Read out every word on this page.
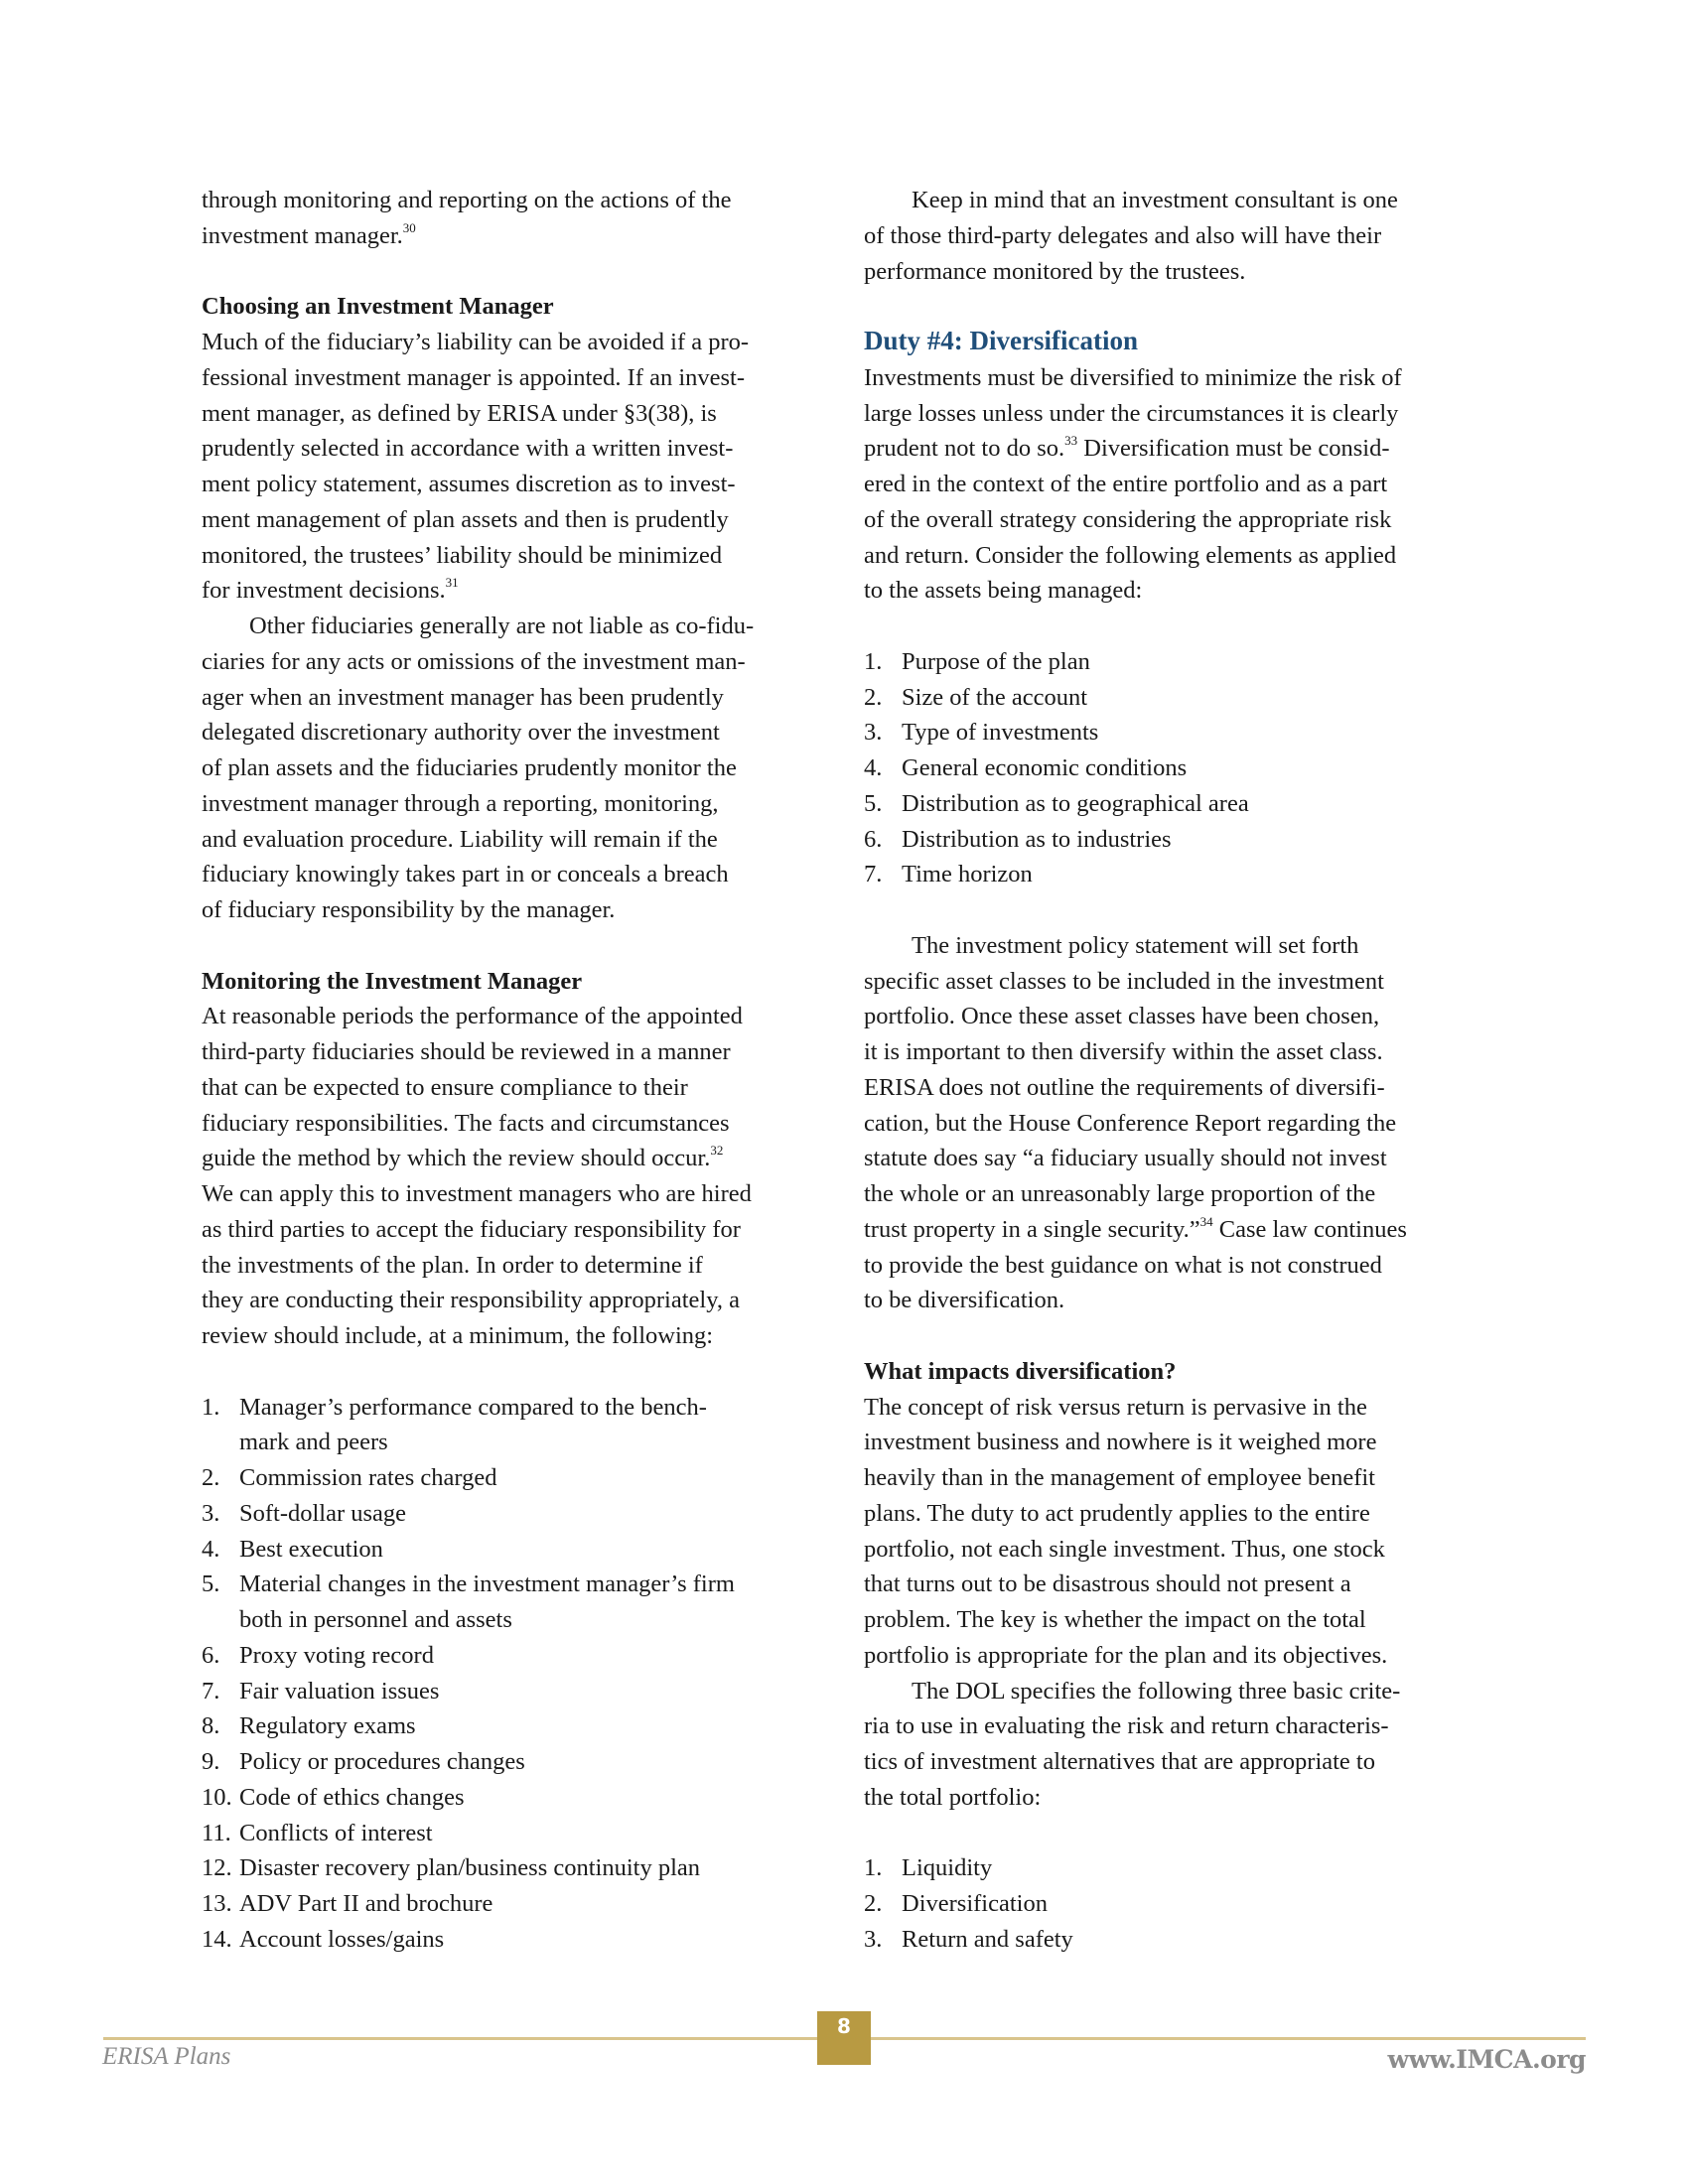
through monitoring and reporting on the actions of the
investment manager.$^{30}$
Choosing an Investment Manager
Much of the fiduciary’s liability can be avoided if a pro-
fessional investment manager is appointed. If an invest-
ment manager, as defined by ERISA under §3(38), is
prudently selected in accordance with a written invest-
ment policy statement, assumes discretion as to invest-
ment management of plan assets and then is prudently
monitored, the trustees’ liability should be minimized
for investment decisions.$^{31}$
Other fiduciaries generally are not liable as co-fidu-
ciaries for any acts or omissions of the investment man-
ager when an investment manager has been prudently
delegated discretionary authority over the investment
of plan assets and the fiduciaries prudently monitor the
investment manager through a reporting, monitoring,
and evaluation procedure. Liability will remain if the
fiduciary knowingly takes part in or conceals a breach
of fiduciary responsibility by the manager.
Monitoring the Investment Manager
At reasonable periods the performance of the appointed
third-party fiduciaries should be reviewed in a manner
that can be expected to ensure compliance to their
fiduciary responsibilities. The facts and circumstances
guide the method by which the review should occur.$^{32}$
We can apply this to investment managers who are hired
as third parties to accept the fiduciary responsibility for
the investments of the plan. In order to determine if
they are conducting their responsibility appropriately, a
review should include, at a minimum, the following:
1. Manager’s performance compared to the bench-
mark and peers
2. Commission rates charged
3. Soft-dollar usage
4. Best execution
5. Material changes in the investment manager’s firm
both in personnel and assets
6. Proxy voting record
7. Fair valuation issues
8. Regulatory exams
9. Policy or procedures changes
10. Code of ethics changes
11. Conflicts of interest
12. Disaster recovery plan/business continuity plan
13. ADV Part II and brochure
14. Account losses/gains
Keep in mind that an investment consultant is one
of those third-party delegates and also will have their
performance monitored by the trustees.
Duty #4: Diversification
Investments must be diversified to minimize the risk of
large losses unless under the circumstances it is clearly
prudent not to do so.$^{33}$ Diversification must be consid-
ered in the context of the entire portfolio and as a part
of the overall strategy considering the appropriate risk
and return. Consider the following elements as applied
to the assets being managed:
The investment policy statement will set forth
specific asset classes to be included in the investment
portfolio. Once these asset classes have been chosen,
it is important to then diversify within the asset class.
ERISA does not outline the requirements of diversifi-
cation, but the House Conference Report regarding the
statute does say “a fiduciary usually should not invest
the whole or an unreasonably large proportion of the
trust property in a single security.”$^{34}$ Case law continues
to provide the best guidance on what is not construed
to be diversification.
What impacts diversification?
The concept of risk versus return is pervasive in the
investment business and nowhere is it weighed more
heavily than in the management of employee benefit
plans. The duty to act prudently applies to the entire
portfolio, not each single investment. Thus, one stock
that turns out to be disastrous should not present a
problem. The key is whether the impact on the total
portfolio is appropriate for the plan and its objectives.
The DOL specifies the following three basic crite-
ria to use in evaluating the risk and return characteris-
tics of investment alternatives that are appropriate to
the total portfolio:
1. Purpose of the plan
2. Size of the account
3. Type of investments
4. General economic conditions
5. Distribution as to geographical area
6. Distribution as to industries
7. Time horizon
1. Liquidity
2. Diversification
3. Return and safety
8
ERISA Plans	www.IMCA.org
